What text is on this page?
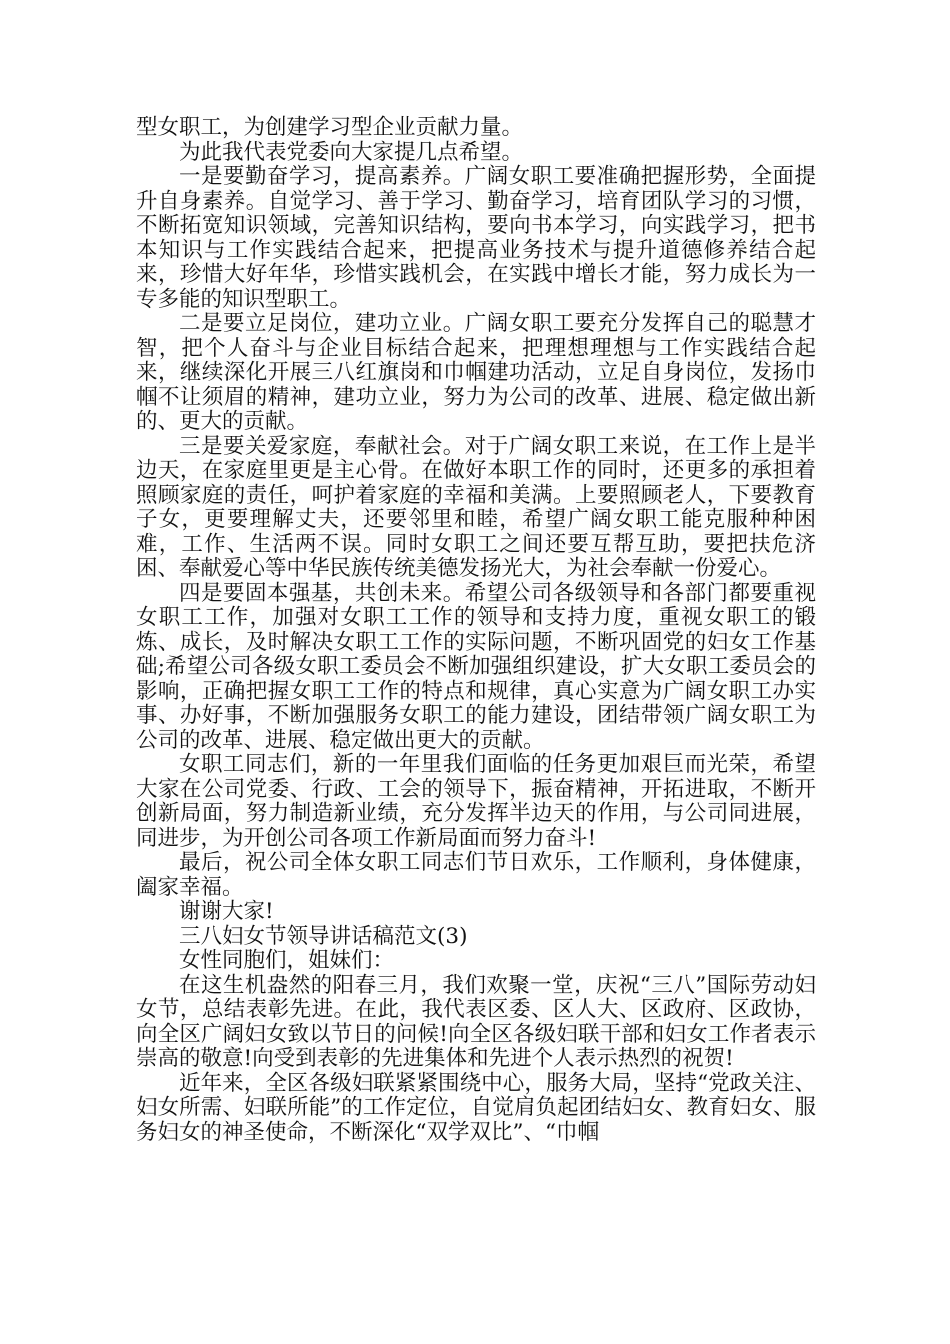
型女职工，为创建学习型企业贡献力量。

为此我代表党委向大家提几点希望。

一是要勤奋学习，提高素养。广阔女职工要准确把握形势，全面提升自身素养。自觉学习、善于学习、勤奋学习，培育团队学习的习惯，不断拓宽知识领域，完善知识结构，要向书本学习，向实践学习，把书本知识与工作实践结合起来，把提高业务技术与提升道德修养结合起来，珍惜大好年华，珍惜实践机会，在实践中增长才能，努力成长为一专多能的知识型职工。

二是要立足岗位，建功立业。广阔女职工要充分发挥自己的聪慧才智，把个人奋斗与企业目标结合起来，把理想理想与工作实践结合起来，继续深化开展三八红旗岗和巾帼建功活动，立足自身岗位，发扬巾帼不让须眉的精神，建功立业，努力为公司的改革、进展、稳定做出新的、更大的贡献。

三是要关爱家庭，奉献社会。对于广阔女职工来说，在工作上是半边天，在家庭里更是主心骨。在做好本职工作的同时，还更多的承担着照顾家庭的责任，呵护着家庭的幸福和美满。上要照顾老人，下要教育子女，更要理解丈夫，还要邻里和睦，希望广阔女职工能克服种种困难，工作、生活两不误。同时女职工之间还要互帮互助，要把扶危济困、奉献爱心等中华民族传统美德发扬光大，为社会奉献一份爱心。

四是要固本强基，共创未来。希望公司各级领导和各部门都要重视女职工工作，加强对女职工工作的领导和支持力度，重视女职工的锻炼、成长，及时解决女职工工作的实际问题，不断巩固党的妇女工作基础;希望公司各级女职工委员会不断加强组织建设，扩大女职工委员会的影响，正确把握女职工工作的特点和规律，真心实意为广阔女职工办实事、办好事，不断加强服务女职工的能力建设，团结带领广阔女职工为公司的改革、进展、稳定做出更大的贡献。

女职工同志们，新的一年里我们面临的任务更加艰巨而光荣，希望大家在公司党委、行政、工会的领导下，振奋精神，开拓进取，不断开创新局面，努力制造新业绩，充分发挥半边天的作用，与公司同进展，同进步，为开创公司各项工作新局面而努力奋斗!

最后，祝公司全体女职工同志们节日欢乐，工作顺利，身体健康，阖家幸福。

谢谢大家!

三八妇女节领导讲话稿范文(3)

女性同胞们，姐妹们：

在这生机盎然的阳春三月，我们欢聚一堂，庆祝“三八”国际劳动妇女节，总结表彰先进。在此，我代表区委、区人大、区政府、区政协，向全区广阔妇女致以节日的问候!向全区各级妇联干部和妇女工作者表示崇高的敬意!向受到表彰的先进集体和先进个人表示热烈的祝贺!

近年来，全区各级妇联紧紧围绕中心，服务大局，坚持“党政关注、妇女所需、妇联所能”的工作定位，自觉肩负起团结妇女、教育妇女、服务妇女的神圣使命，不断深化“双学双比”、“巾帼
